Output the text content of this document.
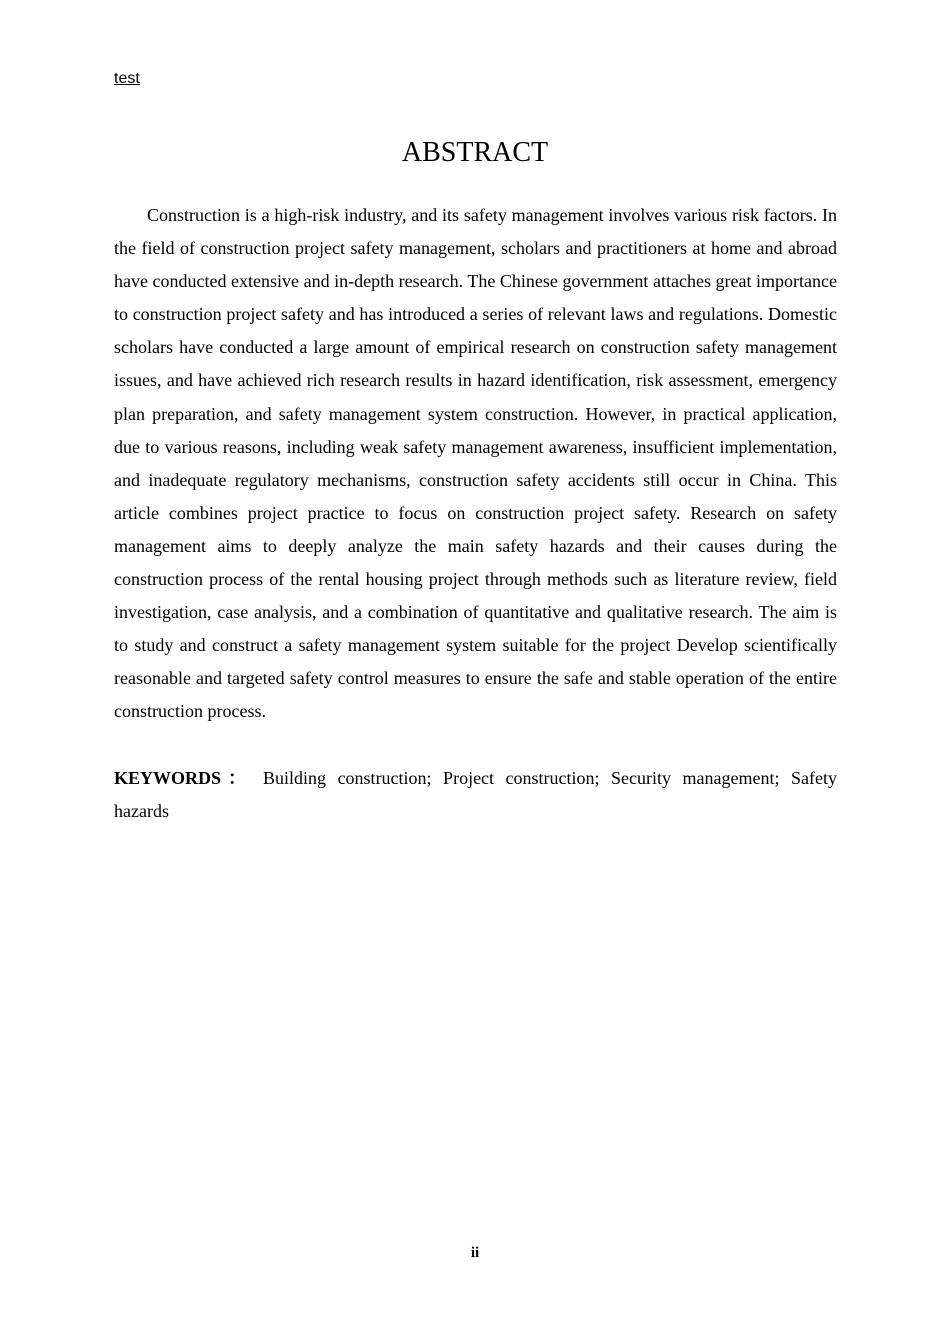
test
ABSTRACT

Construction is a high-risk industry, and its safety management involves various risk factors. In the field of construction project safety management, scholars and practitioners at home and abroad have conducted extensive and in-depth research. The Chinese government attaches great importance to construction project safety and has introduced a series of relevant laws and regulations. Domestic scholars have conducted a large amount of empirical research on construction safety management issues, and have achieved rich research results in hazard identification, risk assessment, emergency plan preparation, and safety management system construction. However, in practical application, due to various reasons, including weak safety management awareness, insufficient implementation, and inadequate regulatory mechanisms, construction safety accidents still occur in China. This article combines project practice to focus on construction project safety. Research on safety management aims to deeply analyze the main safety hazards and their causes during the construction process of the rental housing project through methods such as literature review, field investigation, case analysis, and a combination of quantitative and qualitative research. The aim is to study and construct a safety management system suitable for the project Develop scientifically reasonable and targeted safety control measures to ensure the safe and stable operation of the entire construction process.

KEYWORDS： Building construction; Project construction; Security management; Safety hazards

ii
